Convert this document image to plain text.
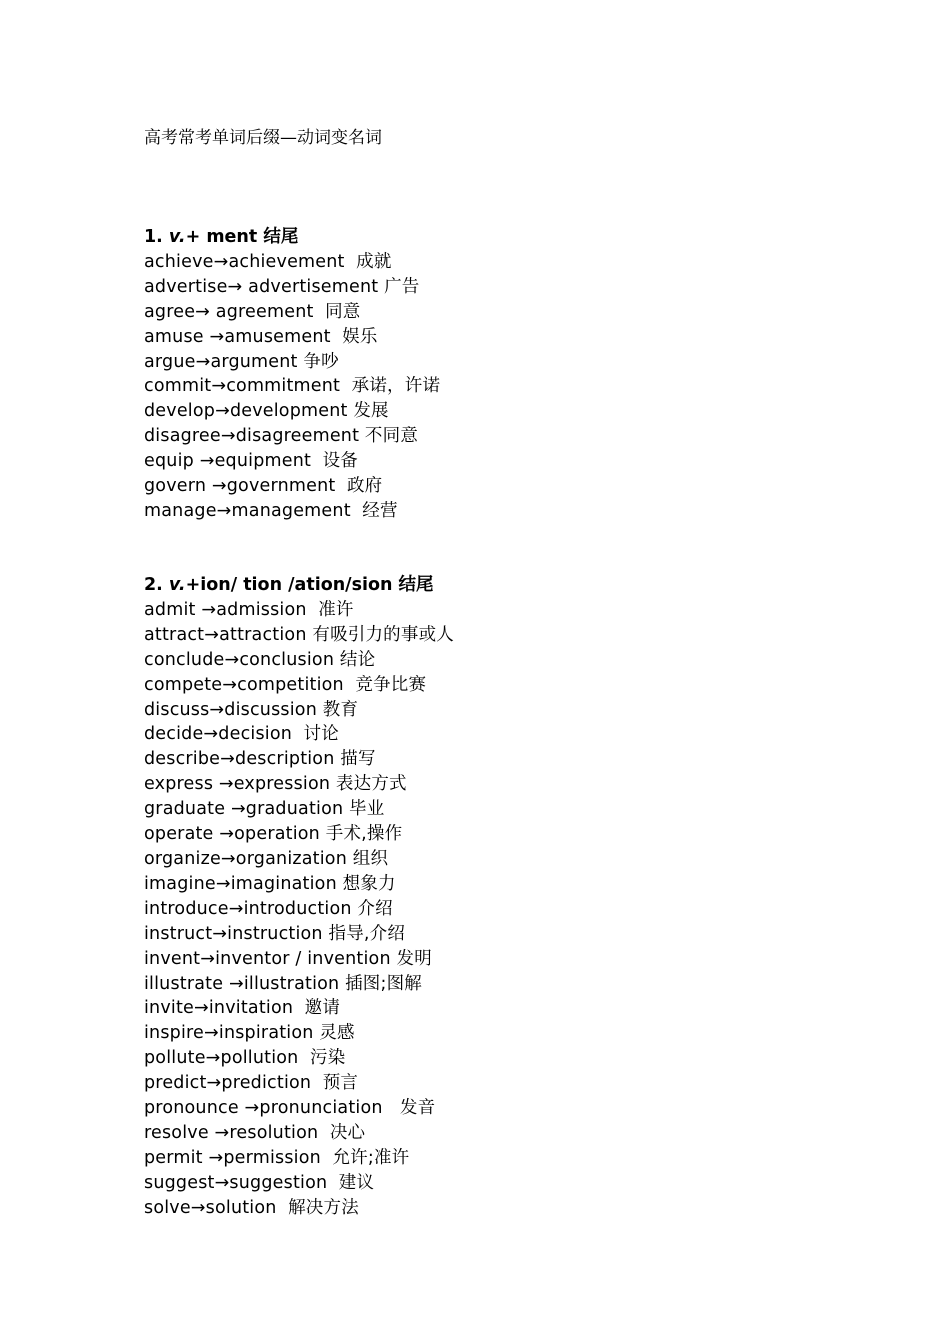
高考常考单词后缀—动词变名词
1. v.+ ment 结尾
achieve→achievement  成就
advertise→ advertisement 广告
agree→ agreement  同意
amuse →amusement  娱乐
argue→argument 争吵
commit→commitment  承诺，许诺
develop→development 发展
disagree→disagreement 不同意
equip →equipment  设备
govern →government  政府
manage→management  经营
2. v.+ion/ tion /ation/sion 结尾
admit →admission  准许
attract→attraction 有吸引力的事或人
conclude→conclusion 结论
compete→competition  竞争比赛
discuss→discussion 教育
decide→decision  讨论
describe→description 描写
express →expression 表达方式
graduate →graduation 毕业
operate →operation 手术,操作
organize→organization 组织
imagine→imagination 想象力
introduce→introduction 介绍
instruct→instruction 指导,介绍
invent→inventor / invention 发明
illustrate →illustration 插图;图解
invite→invitation  邀请
inspire→inspiration 灵感
pollute→pollution  污染
predict→prediction  预言
pronounce →pronunciation   发音
resolve →resolution  决心
permit →permission  允许;准许
suggest→suggestion  建议
solve→solution  解决方法
